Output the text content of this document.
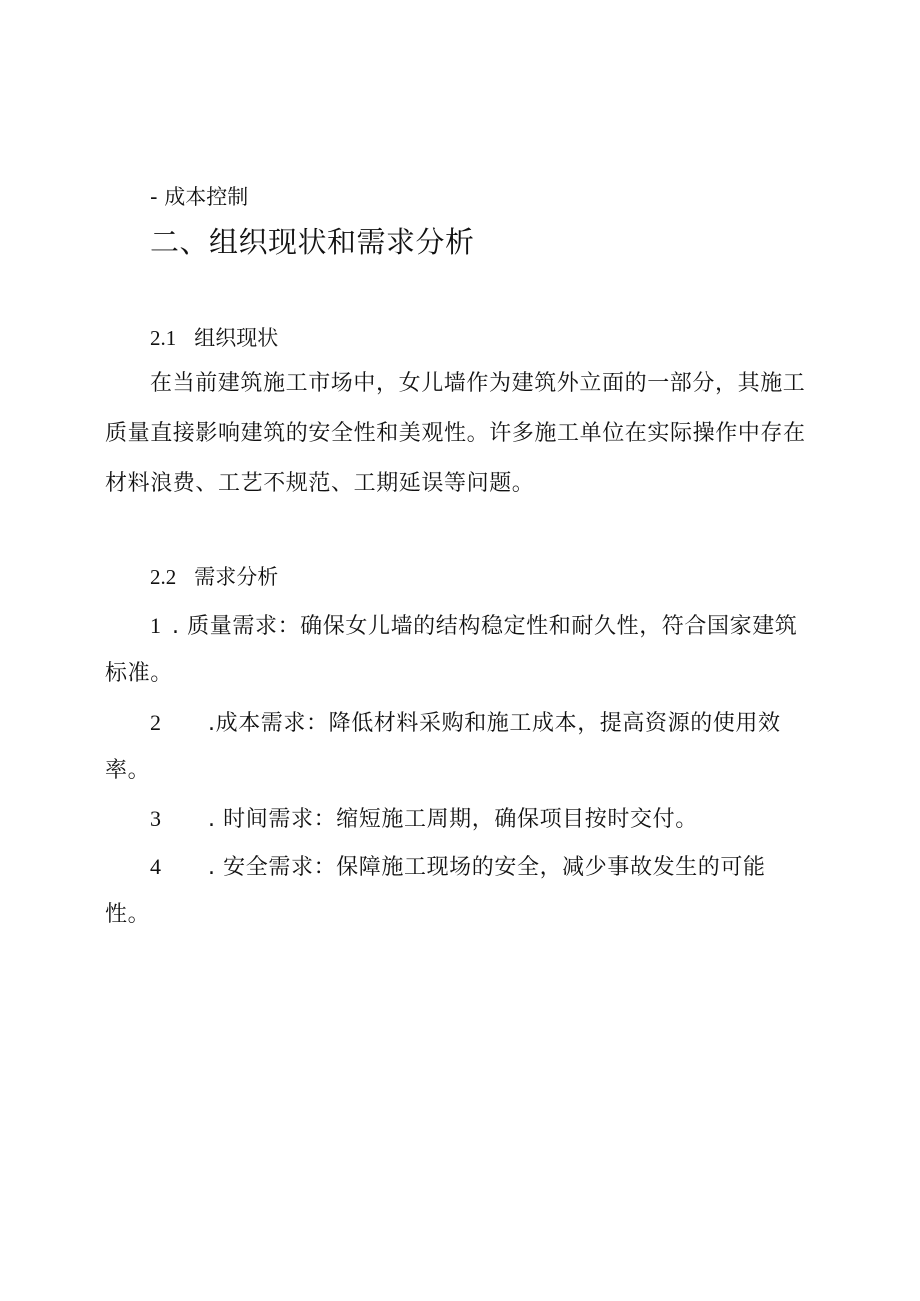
- 成本控制
二、组织现状和需求分析
2.1 组织现状
在当前建筑施工市场中，女儿墙作为建筑外立面的一部分，其施工
质量直接影响建筑的安全性和美观性。许多施工单位在实际操作中存在
材料浪费、工艺不规范、工期延误等问题。
2.2 需求分析
1 . 质量需求：确保女儿墙的结构稳定性和耐久性，符合国家建筑
标准。
2 .成本需求：降低材料采购和施工成本，提高资源的使用效
率。
3 . 时间需求：缩短施工周期，确保项目按时交付。
4 . 安全需求：保障施工现场的安全，减少事故发生的可能
性。
